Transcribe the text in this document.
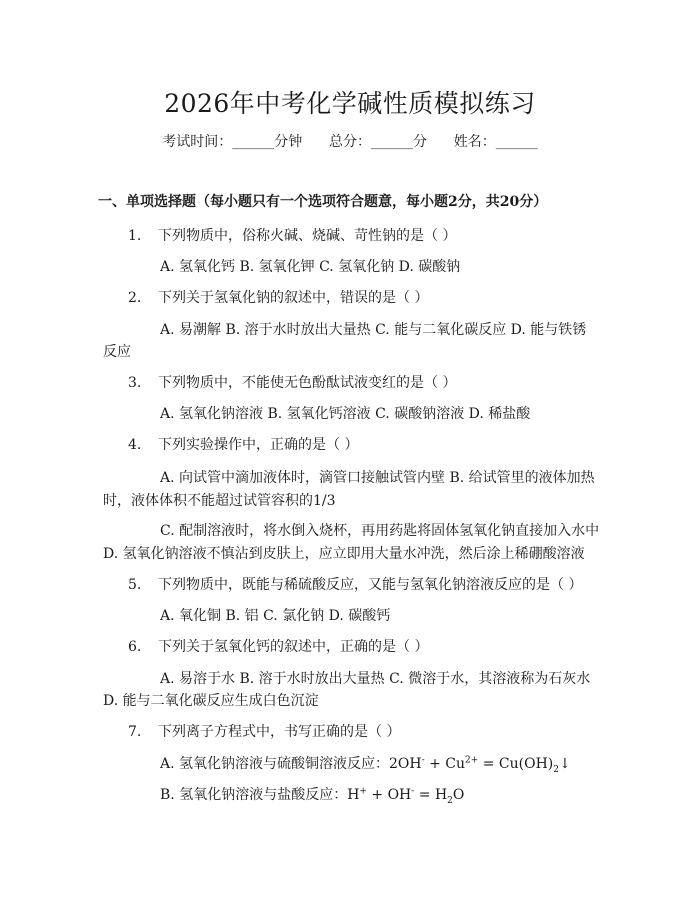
2026年中考化学碱性质模拟练习
考试时间：______分钟      总分：______分      姓名：______
一、单项选择题（每小题只有一个选项符合题意，每小题2分，共20分）
1. 下列物质中，俗称火碱、烧碱、苛性钠的是（ ）
A. 氢氧化钙 B. 氢氧化钾 C. 氢氧化钠 D. 碳酸钠
2. 下列关于氢氧化钠的叙述中，错误的是（ ）
A. 易潮解 B. 溶于水时放出大量热 C. 能与二氧化碳反应 D. 能与铁锈
反应
3. 下列物质中，不能使无色酚酞试液变红的是（ ）
A. 氢氧化钠溶液 B. 氢氧化钙溶液 C. 碳酸钠溶液 D. 稀盐酸
4. 下列实验操作中，正确的是（ ）
A. 向试管中滴加液体时，滴管口接触试管内壁 B. 给试管里的液体加热
时，液体体积不能超过试管容积的1/3
C. 配制溶液时，将水倒入烧杯，再用药匙将固体氢氧化钠直接加入水中
D. 氢氧化钠溶液不慎沾到皮肤上，应立即用大量水冲洗，然后涂上稀硼酸溶液
5. 下列物质中，既能与稀硫酸反应，又能与氢氧化钠溶液反应的是（ ）
A. 氧化铜 B. 铝 C. 氯化钠 D. 碳酸钙
6. 下列关于氢氧化钙的叙述中，正确的是（ ）
A. 易溶于水 B. 溶于水时放出大量热 C. 微溶于水，其溶液称为石灰水
D. 能与二氧化碳反应生成白色沉淀
7. 下列离子方程式中，书写正确的是（ ）
A. 氢氧化钠溶液与硫酸铜溶液反应：$2OH^- + Cu^{2+}$ = $Cu(OH)_2↓$
B. 氢氧化钠溶液与盐酸反应：$H^+ + OH^- = H_2O$
